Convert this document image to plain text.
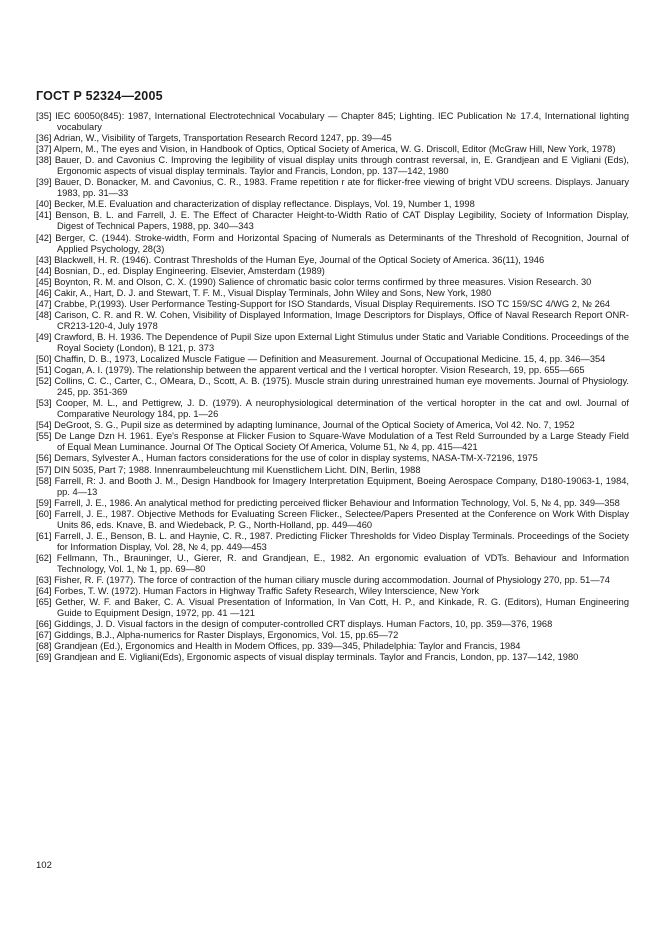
ГОСТ Р 52324—2005
[35] IEC 60050(845): 1987, International Electrotechnical Vocabulary — Chapter 845; Lighting. IEC Publication № 17.4, International lighting vocabulary
[36] Adrian, W., Visibility of Targets, Transportation Research Record 1247, pp. 39—45
[37] Alpern, M., The eyes and Vision, in Handbook of Optics, Optical Society of America, W. G. Driscoll, Editor (McGraw Hill, New York, 1978)
[38] Bauer, D. and Cavonius C. Improving the legibility of visual display units through contrast reversal, in, E. Grandjean and E Vigliani (Eds), Ergonomic aspects of visual display terminals. Taylor and Francis, London, pp. 137—142, 1980
[39] Bauer, D. Bonacker, M. and Cavonius, C. R., 1983. Frame repetition r ate for flicker-free viewing of bright VDU screens. Displays. January 1983, pp. 31—33
[40] Becker, M.E. Evaluation and characterization of display reflectance. Displays, Vol. 19, Number 1, 1998
[41] Benson, B. L. and Farrell, J. E. The Effect of Character Height-to-Width Ratio of CAT Display Legibility, Society of Information Display, Digest of Technical Papers, 1988, pp. 340—343
[42] Berger, C. (1944). Stroke-width, Form and Horizontal Spacing of Numerals as Determinants of the Threshold of Recognition, Journal of Applied Psychology, 28(3)
[43] Blackwell, H. R. (1946). Contrast Thresholds of the Human Eye, Journal of the Optical Society of America. 36(11), 1946
[44] Bosnian, D., ed. Display Engineering. Elsevier, Amsterdam (1989)
[45] Boynton, R. M. and Olson, C. X. (1990) Salience of chromatic basic color terms confirmed by three measures. Vision Research. 30
[46] Cakir, A., Hart, D. J. and Stewart, T. F. M., Visual Display Terminals, John Wiley and Sons, New York, 1980
[47] Crabbe, P.(1993). User Performance Testing-Support for ISO Standards, Visual Display Requirements. ISO TC 159/SC 4/WG 2, № 264
[48] Carison, C. R. and R. W. Cohen, Visibility of Displayed Information, Image Descriptors for Displays, Office of Naval Research Report ONR-CR213-120-4, July 1978
[49] Crawford, B. H. 1936. The Dependence of Pupil Size upon External Light Stimulus under Static and Variable Conditions. Proceedings of the Royal Society (London), B 121, p. 373
[50] Chaffin, D. B., 1973, Localized Muscle Fatigue — Definition and Measurement. Journal of Occupational Medicine. 15, 4, pp. 346—354
[51] Cogan, A. I. (1979). The relationship between the apparent vertical and the I vertical horopter. Vision Research, 19, pp. 655—665
[52] Collins, C. C., Carter, C., OMeara, D., Scott, A. B. (1975). Muscle strain during unrestrained human eye movements. Journal of Physiology. 245, pp. 351-369
[53] Cooper, M. L., and Pettigrew, J. D. (1979). A neurophysiological determination of the vertical horopter in the cat and owl. Journal of Comparative Neurology 184, pp. 1—26
[54] DeGroot, S. G., Pupil size as determined by adapting luminance, Journal of the Optical Society of America, Vol 42. No. 7, 1952
[55] De Lange Dzn H. 1961. Eye's Response at Flicker Fusion to Square-Wave Modulation of a Test Reld Surrounded by a Large Steady Field of Equal Mean Luminance. Journal Of The Optical Society Of America, Volume 51, № 4, pp. 415—421
[56] Demars, Sylvester A., Human factors considerations for the use of color in display systems, NASA-TM-X-72196, 1975
[57] DIN 5035, Part 7; 1988. Innenraumbeleuchtung mil Kuenstlichem Licht. DIN, Berlin, 1988
[58] Farrell, R: J. and Booth J. M., Design Handbook for Imagery Interpretation Equipment, Boeing Aerospace Company, D180-19063-1, 1984, pp. 4—13
[59] Farrell, J. E., 1986. An analytical method for predicting perceived flicker Behaviour and Information Technology, Vol. 5, № 4, pp. 349—358
[60] Farrell, J. E., 1987. Objective Methods for Evaluating Screen Flicker., Selectee/Papers Presented at the Conference on Work With Display Units 86, eds. Knave, B. and Wiedeback, P. G., North-Holland, pp. 449—460
[61] Farrell, J. E., Benson, B. L. and Haynie, C. R., 1987. Predicting Flicker Thresholds for Video Display Terminals. Proceedings of the Society for Information Display, Vol. 28, № 4, pp. 449—453
[62] Fellmann, Th., Brauninger, U., Gierer, R. and Grandjean, E., 1982. An ergonomic evaluation of VDTs. Behaviour and Information Technology, Vol. 1, № 1, pp. 69—80
[63] Fisher, R. F. (1977). The force of contraction of the human ciliary muscle during accommodation. Journal of Physiology 270, pp. 51—74
[64] Forbes, T. W. (1972). Human Factors in Highway Traffic Safety Research, Wiley Interscience, New York
[65] Gether, W. F. and Baker, C. A. Visual Presentation of Information, In Van Cott, H. P., and Kinkade, R. G. (Editors), Human Engineering Guide to Equipment Design, 1972, pp. 41 —121
[66] Giddings, J. D. Visual factors in the design of computer-controlled CRT displays. Human Factors, 10, pp. 359—376, 1968
[67] Giddings, B.J., Alpha-numerics for Raster Displays, Ergonomics, Vol. 15, pp.65—72
[68] Grandjean (Ed.), Ergonomics and Health in Modem Offices, pp. 339—345, Philadelphia: Taylor and Francis, 1984
[69] Grandjean and E. Vigliani(Eds), Ergonomic aspects of visual display terminals. Taylor and Francis, London, pp. 137—142, 1980
102
